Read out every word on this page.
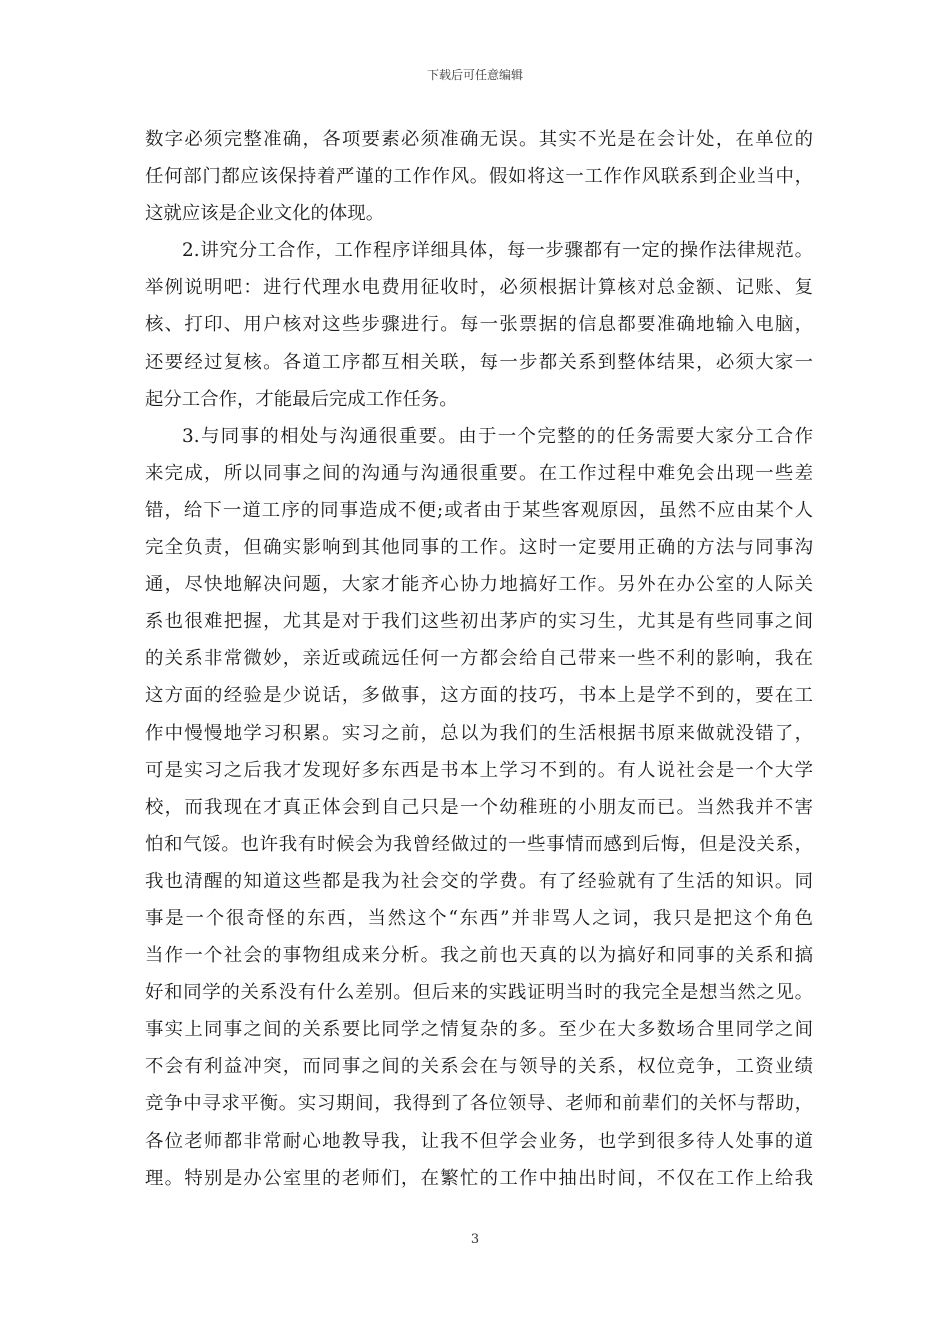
下载后可任意编辑
数字必须完整准确，各项要素必须准确无误。其实不光是在会计处，在单位的
任何部门都应该保持着严谨的工作作风。假如将这一工作作风联系到企业当中，
这就应该是企业文化的体现。
2.讲究分工合作，工作程序详细具体，每一步骤都有一定的操作法律规范。
举例说明吧：进行代理水电费用征收时，必须根据计算核对总金额、记账、复
核、打印、用户核对这些步骤进行。每一张票据的信息都要准确地输入电脑，
还要经过复核。各道工序都互相关联，每一步都关系到整体结果，必须大家一
起分工合作，才能最后完成工作任务。
3.与同事的相处与沟通很重要。由于一个完整的的任务需要大家分工合作
来完成，所以同事之间的沟通与沟通很重要。在工作过程中难免会出现一些差
错，给下一道工序的同事造成不便;或者由于某些客观原因，虽然不应由某个人
完全负责，但确实影响到其他同事的工作。这时一定要用正确的方法与同事沟
通，尽快地解决问题，大家才能齐心协力地搞好工作。另外在办公室的人际关
系也很难把握，尤其是对于我们这些初出茅庐的实习生，尤其是有些同事之间
的关系非常微妙，亲近或疏远任何一方都会给自己带来一些不利的影响，我在
这方面的经验是少说话，多做事，这方面的技巧，书本上是学不到的，要在工
作中慢慢地学习积累。实习之前，总以为我们的生活根据书原来做就没错了，
可是实习之后我才发现好多东西是书本上学习不到的。有人说社会是一个大学
校，而我现在才真正体会到自己只是一个幼稚班的小朋友而已。当然我并不害
怕和气馁。也许我有时候会为我曾经做过的一些事情而感到后悔，但是没关系，
我也清醒的知道这些都是我为社会交的学费。有了经验就有了生活的知识。同
事是一个很奇怪的东西，当然这个“东西”并非骂人之词，我只是把这个角色
当作一个社会的事物组成来分析。我之前也天真的以为搞好和同事的关系和搞
好和同学的关系没有什么差别。但后来的实践证明当时的我完全是想当然之见。
事实上同事之间的关系要比同学之情复杂的多。至少在大多数场合里同学之间
不会有利益冲突，而同事之间的关系会在与领导的关系，权位竞争，工资业绩
竞争中寻求平衡。实习期间，我得到了各位领导、老师和前辈们的关怀与帮助，
各位老师都非常耐心地教导我，让我不但学会业务，也学到很多待人处事的道
理。特别是办公室里的老师们，在繁忙的工作中抽出时间，不仅在工作上给我
3
